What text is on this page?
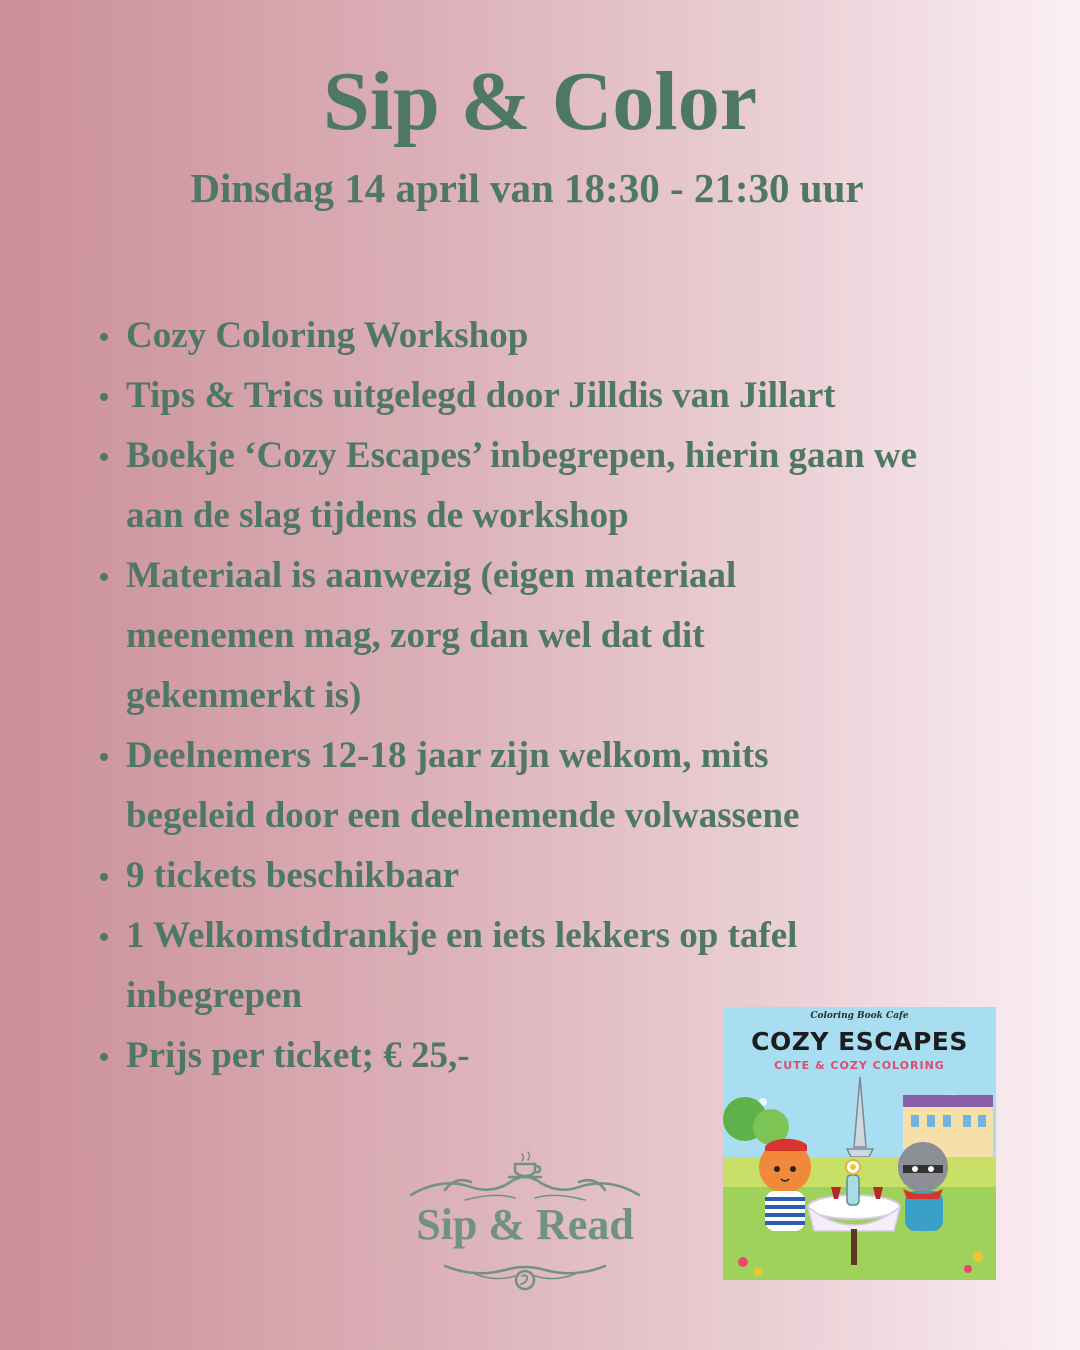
Sip & Color
Dinsdag 14 april van 18:30 - 21:30 uur
Cozy Coloring Workshop
Tips & Trics uitgelegd door Jilldis van Jillart
Boekje ‘Cozy Escapes’ inbegrepen, hierin gaan we aan de slag tijdens de workshop
Materiaal is aanwezig (eigen materiaal meenemen mag, zorg dan wel dat dit gekenmerkt is)
Deelnemers 12-18 jaar zijn welkom, mits begeleid door een deelnemende volwassene
9 tickets beschikbaar
1 Welkomstdrankje en iets lekkers op tafel inbegrepen
Prijs per ticket; € 25,-
Sip & Read
Coloring Book Cafe
COZY ESCAPES
CUTE & COZY COLORING
